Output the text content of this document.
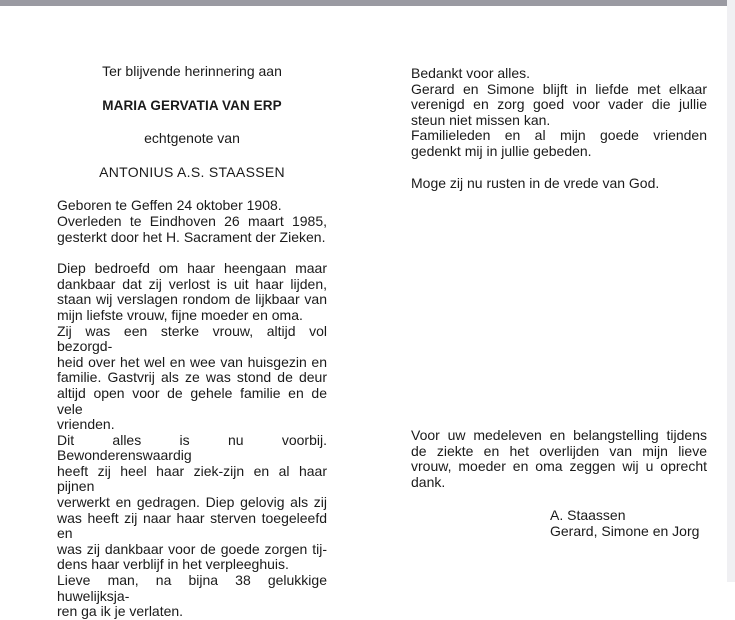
Ter blijvende herinnering aan
MARIA GERVATIA VAN ERP
echtgenote van
ANTONIUS A.S. STAASSEN
Geboren te Geffen 24 oktober 1908.
Overleden te Eindhoven 26 maart 1985,
gesterkt door het H. Sacrament der Zieken.
Diep bedroefd om haar heengaan maar
dankbaar dat zij verlost is uit haar lijden,
staan wij verslagen rondom de lijkbaar van
mijn liefste vrouw, fijne moeder en oma.
Zij was een sterke vrouw, altijd vol bezorgd-
heid over het wel en wee van huisgezin en
familie. Gastvrij als ze was stond de deur
altijd open voor de gehele familie en de vele
vrienden.
Dit alles is nu voorbij. Bewonderenswaardig
heeft zij heel haar ziek-zijn en al haar pijnen
verwerkt en gedragen. Diep gelovig als zij
was heeft zij naar haar sterven toegeleefd en
was zij dankbaar voor de goede zorgen tij-
dens haar verblijf in het verpleeghuis.
Lieve man, na bijna 38 gelukkige huwelijksja-
ren ga ik je verlaten.
Bedankt voor alles.
Gerard en Simone blijft in liefde met elkaar
verenigd en zorg goed voor vader die jullie
steun niet missen kan.
Familieleden en al mijn goede vrienden
gedenkt mij in jullie gebeden.
Moge zij nu rusten in de vrede van God.
Voor uw medeleven en belangstelling tijdens
de ziekte en het overlijden van mijn lieve
vrouw, moeder en oma zeggen wij u oprecht
dank.
A. Staassen
Gerard, Simone en Jorg
